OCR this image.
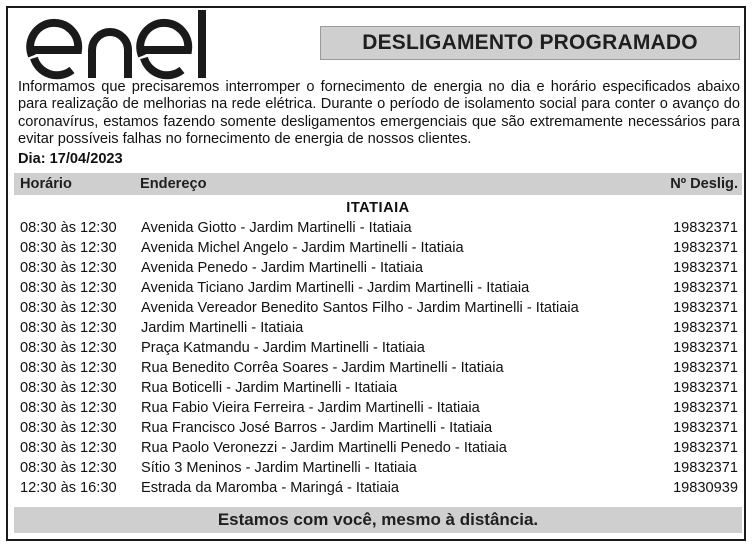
DESLIGAMENTO PROGRAMADO
Informamos que precisaremos interromper o fornecimento de energia no dia e horário especificados abaixo para realização de melhorias na rede elétrica. Durante o período de isolamento social para conter o avanço do coronavírus, estamos fazendo somente desligamentos emergenciais que são extremamente necessários para evitar possíveis falhas no fornecimento de energia de nossos clientes.
Dia: 17/04/2023
Horário	Endereço	Nº Deslig.
ITATIAIA
08:30 às 12:30 Avenida Giotto - Jardim Martinelli - Itatiaia	19832371
08:30 às 12:30 Avenida Michel Angelo - Jardim Martinelli - Itatiaia	19832371
08:30 às 12:30 Avenida Penedo - Jardim Martinelli - Itatiaia	19832371
08:30 às 12:30 Avenida Ticiano Jardim Martinelli - Jardim Martinelli - Itatiaia	19832371
08:30 às 12:30 Avenida Vereador Benedito Santos Filho - Jardim Martinelli - Itatiaia	19832371
08:30 às 12:30 Jardim Martinelli - Itatiaia	19832371
08:30 às 12:30 Praça Katmandu - Jardim Martinelli - Itatiaia	19832371
08:30 às 12:30 Rua Benedito Corrêa Soares - Jardim Martinelli - Itatiaia	19832371
08:30 às 12:30 Rua Boticelli - Jardim Martinelli - Itatiaia	19832371
08:30 às 12:30 Rua Fabio Vieira Ferreira - Jardim Martinelli - Itatiaia	19832371
08:30 às 12:30 Rua Francisco José Barros - Jardim Martinelli - Itatiaia	19832371
08:30 às 12:30 Rua Paolo Veronezzi - Jardim Martinelli Penedo - Itatiaia	19832371
08:30 às 12:30 Sítio 3 Meninos - Jardim Martinelli - Itatiaia	19832371
12:30 às 16:30 Estrada da Maromba - Maringá - Itatiaia	19830939
Estamos com você, mesmo à distância.
